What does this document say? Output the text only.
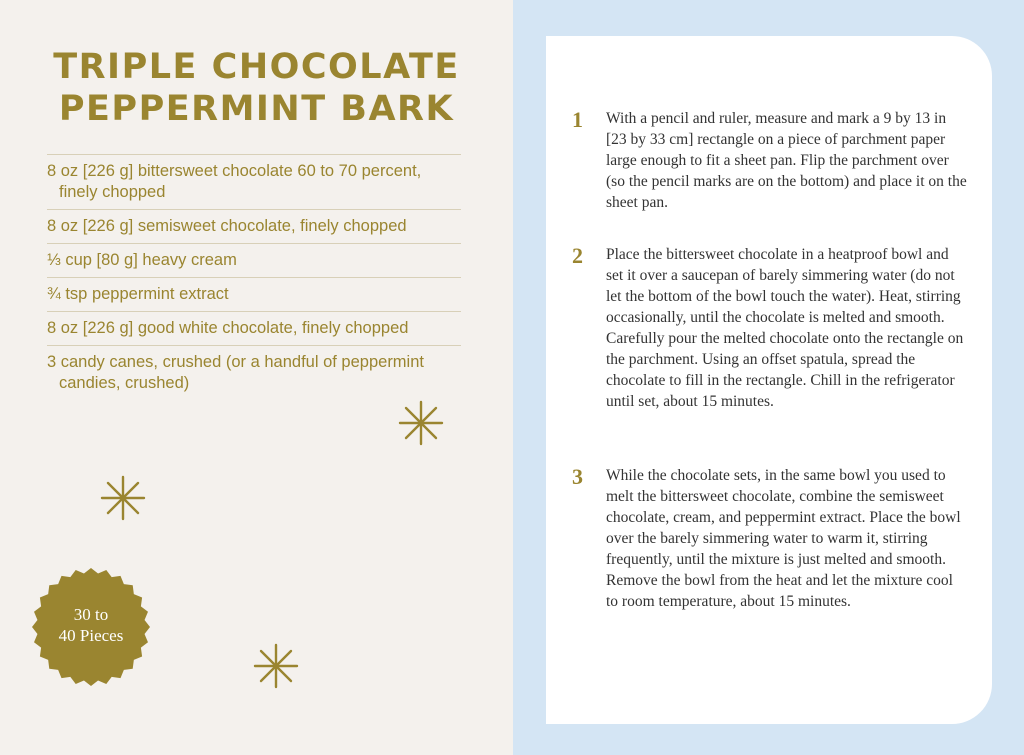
TRIPLE CHOCOLATE
PEPPERMINT BARK
8 oz [226 g] bittersweet chocolate 60 to 70 percent, finely chopped
8 oz [226 g] semisweet chocolate, finely chopped
⅓ cup [80 g] heavy cream
¾ tsp peppermint extract
8 oz [226 g] good white chocolate, finely chopped
3 candy canes, crushed (or a handful of peppermint candies, crushed)
30 to
40 Pieces
1 With a pencil and ruler, measure and mark a 9 by 13 in [23 by 33 cm] rectangle on a piece of parchment paper large enough to fit a sheet pan. Flip the parchment over (so the pencil marks are on the bottom) and place it on the sheet pan.

2 Place the bittersweet chocolate in a heatproof bowl and set it over a saucepan of barely simmering water (do not let the bottom of the bowl touch the water). Heat, stirring occasionally, until the chocolate is melted and smooth. Carefully pour the melted chocolate onto the rectangle on the parchment. Using an offset spatula, spread the chocolate to fill in the rectangle. Chill in the refrigerator until set, about 15 minutes.

3 While the chocolate sets, in the same bowl you used to melt the bittersweet chocolate, combine the semisweet chocolate, cream, and peppermint extract. Place the bowl over the barely simmering water to warm it, stirring frequently, until the mixture is just melted and smooth. Remove the bowl from the heat and let the mixture cool to room temperature, about 15 minutes.
